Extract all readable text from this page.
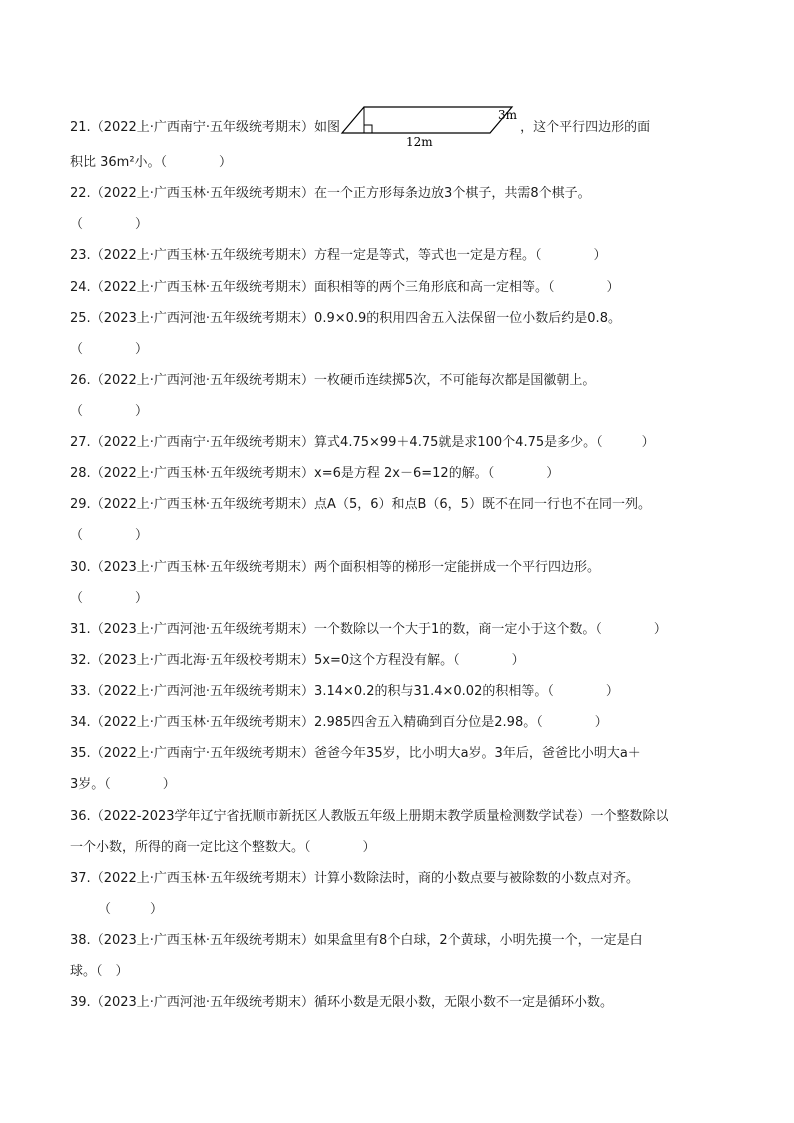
21.（2022上·广西南宁·五年级统考期末）如图
12m
3m
，这个平行四边形的面
积比 36m²小。（　　　　）
22.（2022上·广西玉林·五年级统考期末）在一个正方形每条边放3个棋子，共需8个棋子。
（　　　　）
23.（2022上·广西玉林·五年级统考期末）方程一定是等式，等式也一定是方程。（　　　　）
24.（2022上·广西玉林·五年级统考期末）面积相等的两个三角形底和高一定相等。（　　　　）
25.（2023上·广西河池·五年级统考期末）0.9×0.9的积用四舍五入法保留一位小数后约是0.8。
（　　　　）
26.（2022上·广西河池·五年级统考期末）一枚硬币连续掷5次，不可能每次都是国徽朝上。
（　　　　）
27.（2022上·广西南宁·五年级统考期末）算式4.75×99＋4.75就是求100个4.75是多少。（　　　）
28.（2022上·广西玉林·五年级统考期末）x=6是方程 2x－6=12的解。（　　　　）
29.（2022上·广西玉林·五年级统考期末）点A（5，6）和点B（6，5）既不在同一行也不在同一列。
（　　　　）
30.（2023上·广西玉林·五年级统考期末）两个面积相等的梯形一定能拼成一个平行四边形。
（　　　　）
31.（2023上·广西河池·五年级统考期末）一个数除以一个大于1的数，商一定小于这个数。（　　　　）
32.（2023上·广西北海·五年级校考期末）5x=0这个方程没有解。（　　　　）
33.（2022上·广西河池·五年级统考期末）3.14×0.2的积与31.4×0.02的积相等。（　　　　）
34.（2022上·广西玉林·五年级统考期末）2.985四舍五入精确到百分位是2.98。（　　　　）
35.（2022上·广西南宁·五年级统考期末）爸爸今年35岁，比小明大a岁。3年后，爸爸比小明大a＋
3岁。（　　　　）
36.（2022-2023学年辽宁省抚顺市新抚区人教版五年级上册期末教学质量检测数学试卷）一个整数除以
一个小数，所得的商一定比这个整数大。（　　　　）
37.（2022上·广西玉林·五年级统考期末）计算小数除法时，商的小数点要与被除数的小数点对齐。
（　　　）
38.（2023上·广西玉林·五年级统考期末）如果盒里有8个白球，2个黄球，小明先摸一个，一定是白
球。（　）
39.（2023上·广西河池·五年级统考期末）循环小数是无限小数，无限小数不一定是循环小数。
